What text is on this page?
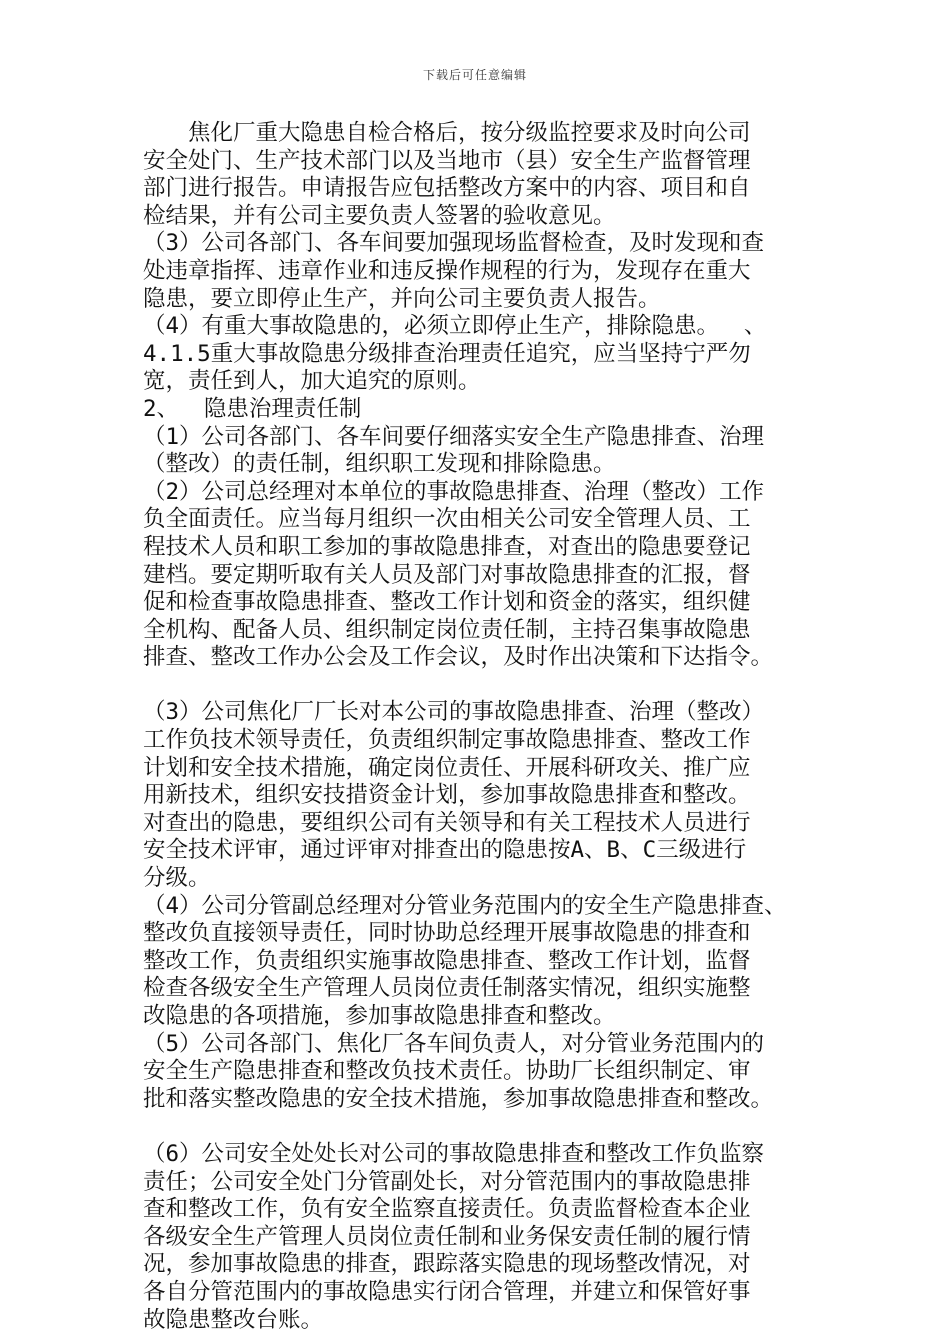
下载后可任意编辑

　　焦化厂重大隐患自检合格后，按分级监控要求及时向公司

安全处门、生产技术部门以及当地市（县）安全生产监督管理

部门进行报告。申请报告应包括整改方案中的内容、项目和自

检结果，并有公司主要负责人签署的验收意见。

（3）公司各部门、各车间要加强现场监督检查，及时发现和查

处违章指挥、违章作业和违反操作规程的行为，发现存在重大

隐患，要立即停止生产，并向公司主要负责人报告。

（4）有重大事故隐患的，必须立即停止生产，排除隐患。　 、

4.1.5重大事故隐患分级排查治理责任追究，应当坚持宁严勿

宽，责任到人，加大追究的原则。

2、　 隐患治理责任制

（1）公司各部门、各车间要仔细落实安全生产隐患排查、治理

（整改）的责任制，组织职工发现和排除隐患。

（2）公司总经理对本单位的事故隐患排查、治理（整改）工作

负全面责任。应当每月组织一次由相关公司安全管理人员、工

程技术人员和职工参加的事故隐患排查，对查出的隐患要登记

建档。要定期听取有关人员及部门对事故隐患排查的汇报，督

促和检查事故隐患排查、整改工作计划和资金的落实，组织健

全机构、配备人员、组织制定岗位责任制，主持召集事故隐患

排查、整改工作办公会及工作会议，及时作出决策和下达指令。

（3）公司焦化厂厂长对本公司的事故隐患排查、治理（整改）

工作负技术领导责任，负责组织制定事故隐患排查、整改工作

计划和安全技术措施，确定岗位责任、开展科研攻关、推广应

用新技术，组织安技措资金计划，参加事故隐患排查和整改。

对查出的隐患，要组织公司有关领导和有关工程技术人员进行

安全技术评审，通过评审对排查出的隐患按A、B、C三级进行

分级。

（4）公司分管副总经理对分管业务范围内的安全生产隐患排查、

整改负直接领导责任，同时协助总经理开展事故隐患的排查和

整改工作，负责组织实施事故隐患排查、整改工作计划，监督

检查各级安全生产管理人员岗位责任制落实情况，组织实施整

改隐患的各项措施，参加事故隐患排查和整改。

（5）公司各部门、焦化厂各车间负责人，对分管业务范围内的

安全生产隐患排查和整改负技术责任。协助厂长组织制定、审

批和落实整改隐患的安全技术措施，参加事故隐患排查和整改。

（6）公司安全处处长对公司的事故隐患排查和整改工作负监察

责任；公司安全处门分管副处长，对分管范围内的事故隐患排

查和整改工作，负有安全监察直接责任。负责监督检查本企业

各级安全生产管理人员岗位责任制和业务保安责任制的履行情

况，参加事故隐患的排查，跟踪落实隐患的现场整改情况，对

各自分管范围内的事故隐患实行闭合管理，并建立和保管好事

故隐患整改台账。
